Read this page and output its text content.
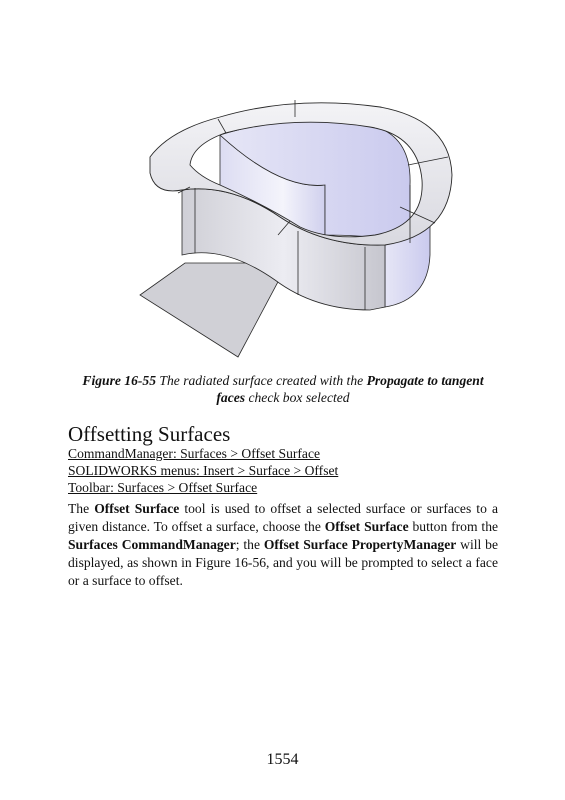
Figure 16-55 The radiated surface created with the Propagate to tangent faces check box selected
Offsetting Surfaces
CommandManager: Surfaces > Offset Surface
SOLIDWORKS menus: Insert > Surface > Offset
Toolbar: Surfaces > Offset Surface

The Offset Surface tool is used to offset a selected surface or surfaces to a given distance. To offset a surface, choose the Offset Surface button from the Surfaces CommandManager; the Offset Surface PropertyManager will be displayed, as shown in Figure 16-56, and you will be prompted to select a face or a surface to offset.

1554
